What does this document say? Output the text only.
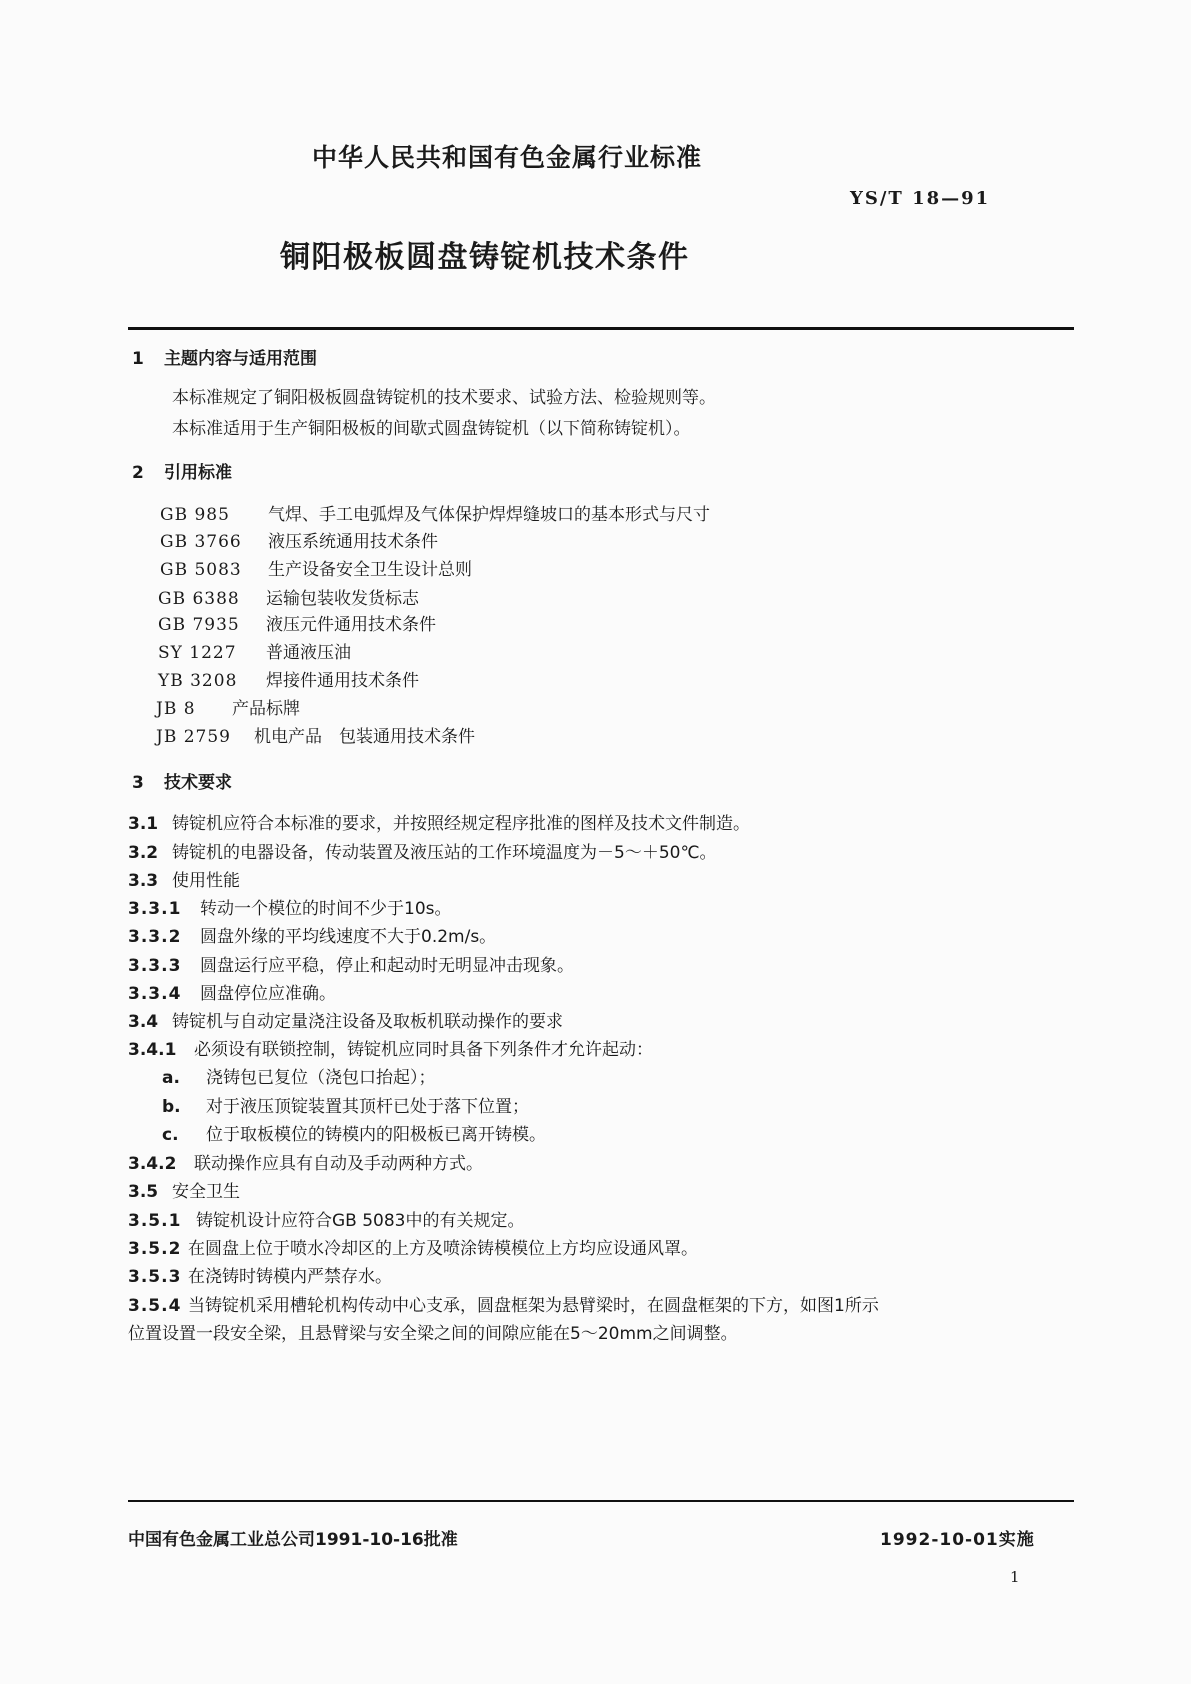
中华人民共和国有色金属行业标准
YS/T 18—91
铜阳极板圆盘铸锭机技术条件
1 主题内容与适用范围
本标准规定了铜阳极板圆盘铸锭机的技术要求、试验方法、检验规则等。
本标准适用于生产铜阳极板的间歇式圆盘铸锭机（以下简称铸锭机）。
2 引用标准
GB 985 气焊、手工电弧焊及气体保护焊焊缝坡口的基本形式与尺寸
GB 3766 液压系统通用技术条件
GB 5083 生产设备安全卫生设计总则
GB 6388 运输包装收发货标志
GB 7935 液压元件通用技术条件
SY 1227 普通液压油
YB 3208 焊接件通用技术条件
JB 8 产品标牌
JB 2759 机电产品　包装通用技术条件
3 技术要求
3.1 铸锭机应符合本标准的要求，并按照经规定程序批准的图样及技术文件制造。
3.2 铸锭机的电器设备，传动装置及液压站的工作环境温度为－5～＋50℃。
3.3 使用性能
3.3.1 转动一个模位的时间不少于10s。
3.3.2 圆盘外缘的平均线速度不大于0.2m/s。
3.3.3 圆盘运行应平稳，停止和起动时无明显冲击现象。
3.3.4 圆盘停位应准确。
3.4 铸锭机与自动定量浇注设备及取板机联动操作的要求
3.4.1 必须设有联锁控制，铸锭机应同时具备下列条件才允许起动：
a. 浇铸包已复位（浇包口抬起）；
b. 对于液压顶锭装置其顶杆已处于落下位置；
c. 位于取板模位的铸模内的阳极板已离开铸模。
3.4.2 联动操作应具有自动及手动两种方式。
3.5 安全卫生
3.5.1 铸锭机设计应符合GB 5083中的有关规定。
3.5.2 在圆盘上位于喷水冷却区的上方及喷涂铸模模位上方均应设通风罩。
3.5.3 在浇铸时铸模内严禁存水。
3.5.4 当铸锭机采用槽轮机构传动中心支承，圆盘框架为悬臂梁时，在圆盘框架的下方，如图1所示
位置设置一段安全梁，且悬臂梁与安全梁之间的间隙应能在5～20mm之间调整。
中国有色金属工业总公司1991-10-16批准	1992-10-01实施
1
